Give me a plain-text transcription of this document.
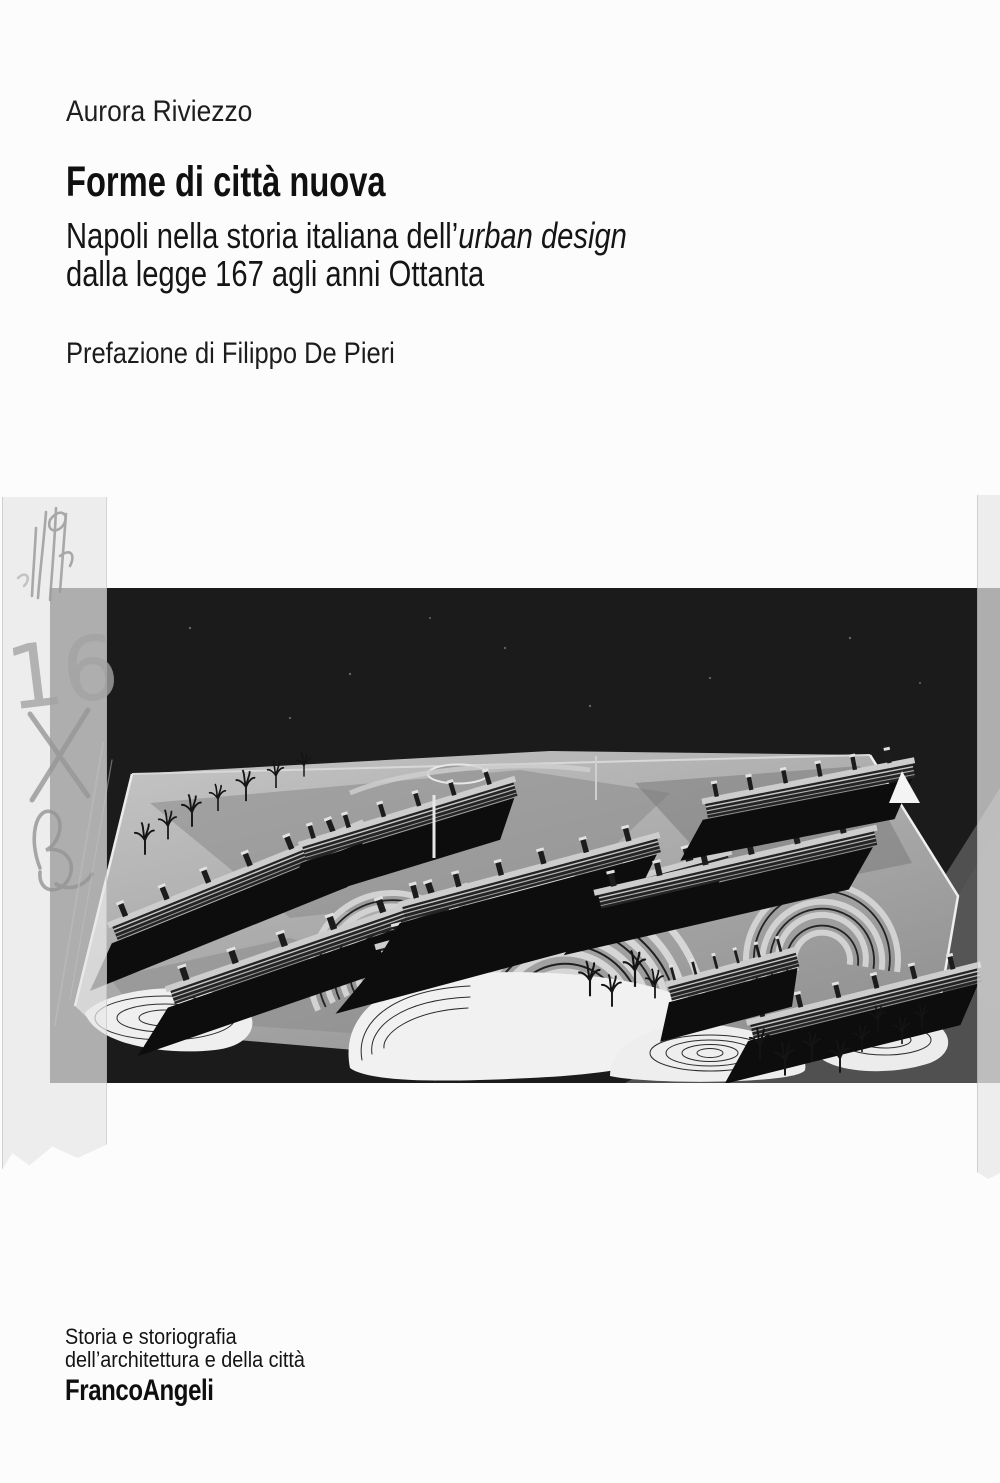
Aurora Riviezzo
Forme di città nuova
Napoli nella storia italiana dell’urban design
dalla legge 167 agli anni Ottanta
Prefazione di Filippo De Pieri
16
Storia e storiografia
dell’architettura e della città
FrancoAngeli
